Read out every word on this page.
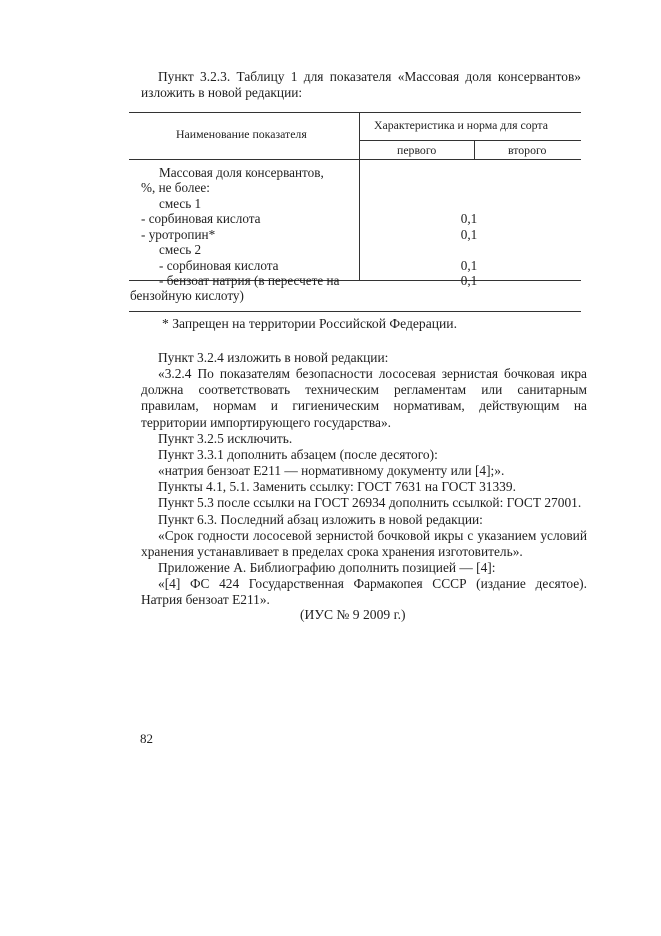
Пункт 3.2.3. Таблицу 1 для показателя «Массовая доля консервантов» изложить в новой редакции:

Наименование показателя
Характеристика и норма для сорта
первого	второго
Массовая доля консервантов,
%, не более:
смесь 1
- сорбиновая кислота
- уротропин*
смесь 2
- сорбиновая кислота
- бензоат натрия (в пересчете на
бензойную кислоту)
0,1
0,1
0,1
0,1
* Запрещен на территории Российской Федерации.

Пункт 3.2.4 изложить в новой редакции:

«3.2.4 По показателям безопасности лососевая зернистая бочковая икра должна соответствовать техническим регламентам или санитарным правилам, нормам и гигиеническим нормативам, действующим на территории импортирующего государства».

Пункт 3.2.5 исключить.

Пункт 3.3.1 дополнить абзацем (после десятого):

«натрия бензоат Е211 — нормативному документу или [4];».

Пункты 4.1, 5.1. Заменить ссылку: ГОСТ 7631 на ГОСТ 31339.

Пункт 5.3 после ссылки на ГОСТ 26934 дополнить ссылкой: ГОСТ 27001.

Пункт 6.3. Последний абзац изложить в новой редакции:

«Срок годности лососевой зернистой бочковой икры с указанием условий хранения устанавливает в пределах срока хранения изготовитель».

Приложение А. Библиографию дополнить позицией — [4]:

«[4] ФС 424 Государственная Фармакопея СССР (издание десятое). Натрия бензоат Е211».

(ИУС № 9 2009 г.)
82
